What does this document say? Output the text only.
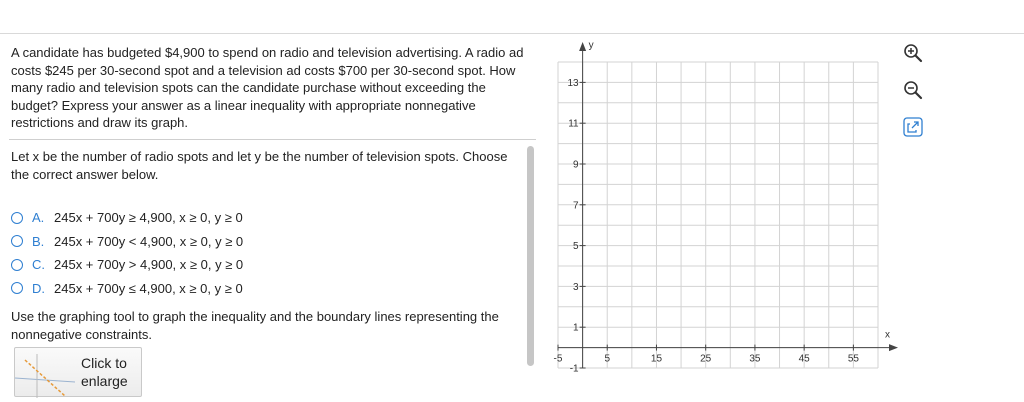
A candidate has budgeted $4,900 to spend on radio and television advertising. A radio ad costs $245 per 30-second spot and a television ad costs $700 per 30-second spot. How many radio and television spots can the candidate purchase without exceeding the budget? Express your answer as a linear inequality with appropriate nonnegative restrictions and draw its graph.

Let x be the number of radio spots and let y be the number of television spots. Choose the correct answer below.

A. 245x + 700y ≥ 4,900, x ≥ 0, y ≥ 0
B. 245x + 700y < 4,900, x ≥ 0, y ≥ 0
C. 245x + 700y > 4,900, x ≥ 0, y ≥ 0
D. 245x + 700y ≤ 4,900, x ≥ 0, y ≥ 0

Use the graphing tool to graph the inequality and the boundary lines representing the nonnegative constraints.

Click to enlarge
x
y
-5	5	15	25	35	45	55
13
11
9
7
5
3
1
-1
